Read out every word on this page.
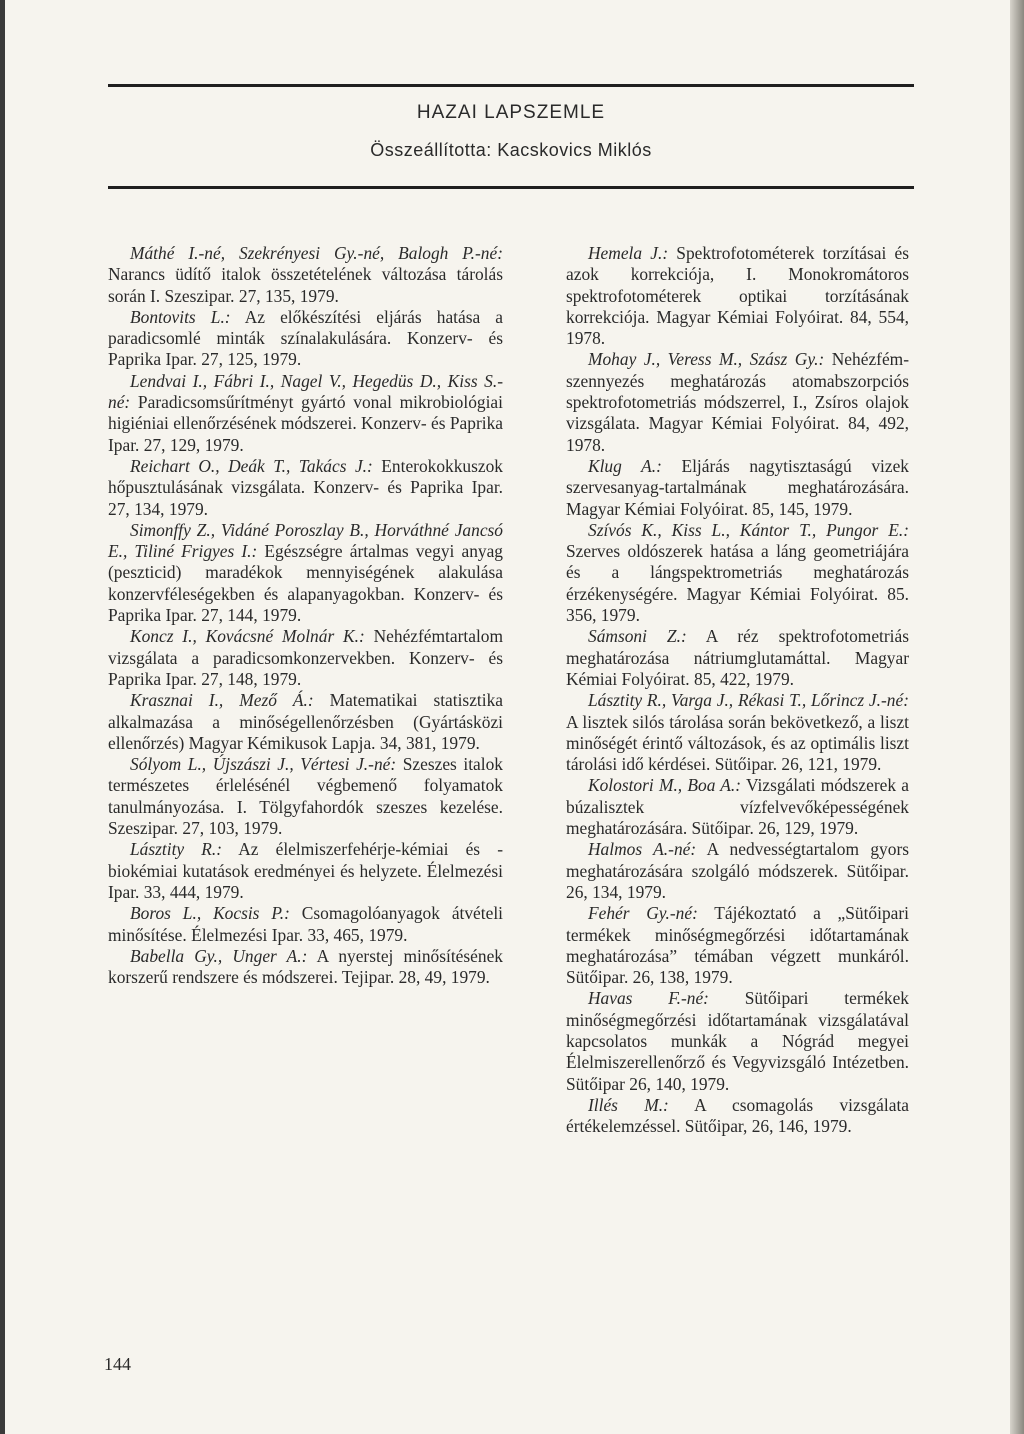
HAZAI LAPSZEMLE
Összeállította: Kacskovics Miklós

Máthé I.-né, Szekrényesi Gy.-né, Balogh P.-né: Narancs üdítő italok összetételének változása tárolás során I. Szeszipar. 27, 135, 1979.

Bontovits L.: Az előkészítési eljárás hatása a paradicsomlé minták színalakulására. Konzerv- és Paprika Ipar. 27, 125, 1979.

Lendvai I., Fábri I., Nagel V., Hegedüs D., Kiss S.-né: Paradicsomsűrítményt gyártó vonal mikrobiológiai higiéniai ellenőrzésének módszerei. Konzerv- és Paprika Ipar. 27, 129, 1979.

Reichart O., Deák T., Takács J.: Enterokokkuszok hőpusztulásának vizsgálata. Konzerv- és Paprika Ipar. 27, 134, 1979.

Simonffy Z., Vidáné Poroszlay B., Horváthné Jancsó E., Tiliné Frigyes I.: Egészségre ártalmas vegyi anyag (peszticid) maradékok mennyiségének alakulása konzervféleségekben és alapanyagokban. Konzerv- és Paprika Ipar. 27, 144, 1979.

Koncz I., Kovácsné Molnár K.: Nehézfémtartalom vizsgálata a paradicsomkonzervekben. Konzerv- és Paprika Ipar. 27, 148, 1979.

Krasznai I., Mező Á.: Matematikai statisztika alkalmazása a minőségellenőrzésben (Gyártásközi ellenőrzés) Magyar Kémikusok Lapja. 34, 381, 1979.

Sólyom L., Újszászi J., Vértesi J.-né: Szeszes italok természetes érlelésénél végbemenő folyamatok tanulmányozása. I. Tölgyfahordók szeszes kezelése. Szeszipar. 27, 103, 1979.

Lásztity R.: Az élelmiszerfehérje-kémiai és -biokémiai kutatások eredményei és helyzete. Élelmezési Ipar. 33, 444, 1979.

Boros L., Kocsis P.: Csomagolóanyagok átvételi minősítése. Élelmezési Ipar. 33, 465, 1979.

Babella Gy., Unger A.: A nyerstej minősítésének korszerű rendszere és módszerei. Tejipar. 28, 49, 1979.

Hemela J.: Spektrofotométerek torzításai és azok korrekciója, I. Monokromátoros spektrofotométerek optikai torzításának korrekciója. Magyar Kémiai Folyóirat. 84, 554, 1978.

Mohay J., Veress M., Szász Gy.: Nehézfém-szennyezés meghatározás atomabszorpciós spektrofotometriás módszerrel, I., Zsíros olajok vizsgálata. Magyar Kémiai Folyóirat. 84, 492, 1978.

Klug A.: Eljárás nagytisztaságú vizek szervesanyag-tartalmának meghatározására. Magyar Kémiai Folyóirat. 85, 145, 1979.

Szívós K., Kiss L., Kántor T., Pungor E.: Szerves oldószerek hatása a láng geometriájára és a lángspektrometriás meghatározás érzékenységére. Magyar Kémiai Folyóirat. 85. 356, 1979.

Sámsoni Z.: A réz spektrofotometriás meghatározása nátriumglutamáttal. Magyar Kémiai Folyóirat. 85, 422, 1979.

Lásztity R., Varga J., Rékasi T., Lőrincz J.-né: A lisztek silós tárolása során bekövetkező, a liszt minőségét érintő változások, és az optimális liszt tárolási idő kérdései. Sütőipar. 26, 121, 1979.

Kolostori M., Boa A.: Vizsgálati módszerek a búzalisztek vízfelvevőképességének meghatározására. Sütőipar. 26, 129, 1979.

Halmos A.-né: A nedvességtartalom gyors meghatározására szolgáló módszerek. Sütőipar. 26, 134, 1979.

Fehér Gy.-né: Tájékoztató a „Sütőipari termékek minőségmegőrzési időtartamának meghatározása” témában végzett munkáról. Sütőipar. 26, 138, 1979.

Havas F.-né: Sütőipari termékek minőségmegőrzési időtartamának vizsgálatával kapcsolatos munkák a Nógrád megyei Élelmiszerellenőrző és Vegyvizsgáló Intézetben. Sütőipar 26, 140, 1979.

Illés M.: A csomagolás vizsgálata értékelemzéssel. Sütőipar, 26, 146, 1979.

144
